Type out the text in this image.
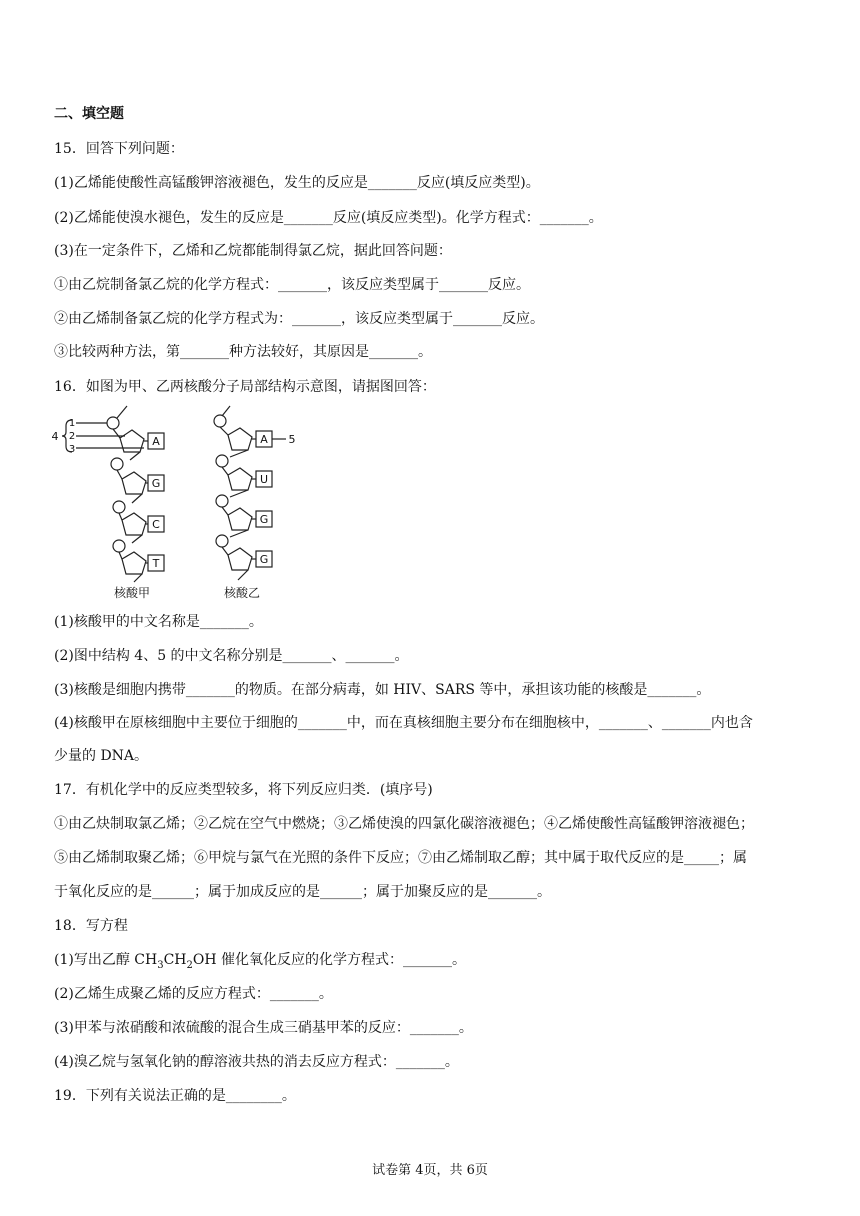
二、填空题
15．回答下列问题：
(1)乙烯能使酸性高锰酸钾溶液褪色，发生的反应是_______反应(填反应类型)。
(2)乙烯能使溴水褪色，发生的反应是_______反应(填反应类型)。化学方程式：_______。
(3)在一定条件下，乙烯和乙烷都能制得氯乙烷，据此回答问题：
①由乙烷制备氯乙烷的化学方程式：_______，该反应类型属于_______反应。
②由乙烯制备氯乙烷的化学方程式为：_______，该反应类型属于_______反应。
③比较两种方法，第_______种方法较好，其原因是_______。
16．如图为甲、乙两核酸分子局部结构示意图，请据图回答：
A
G
C
T
A
U
G
G
1
2
3
4	5
核酸甲	核酸乙
(1)核酸甲的中文名称是_______。
(2)图中结构 4、5 的中文名称分别是_______、_______。
(3)核酸是细胞内携带_______的物质。在部分病毒，如 HIV、SARS 等中，承担该功能的核酸是_______。
(4)核酸甲在原核细胞中主要位于细胞的_______中，而在真核细胞主要分布在细胞核中，_______、_______内也含
少量的 DNA。
17．有机化学中的反应类型较多，将下列反应归类．(填序号)
①由乙炔制取氯乙烯；②乙烷在空气中燃烧；③乙烯使溴的四氯化碳溶液褪色；④乙烯使酸性高锰酸钾溶液褪色；
⑤由乙烯制取聚乙烯；⑥甲烷与氯气在光照的条件下反应；⑦由乙烯制取乙醇；其中属于取代反应的是_____；属
于氧化反应的是______；属于加成反应的是______；属于加聚反应的是_______。
18．写方程
(1)写出乙醇 $CH_3CH_2OH$ 催化氧化反应的化学方程式：_______。
(2)乙烯生成聚乙烯的反应方程式：_______。
(3)甲苯与浓硝酸和浓硫酸的混合生成三硝基甲苯的反应：_______。
(4)溴乙烷与氢氧化钠的醇溶液共热的消去反应方程式：_______。
19．下列有关说法正确的是________。
试卷第 4页，共 6页
